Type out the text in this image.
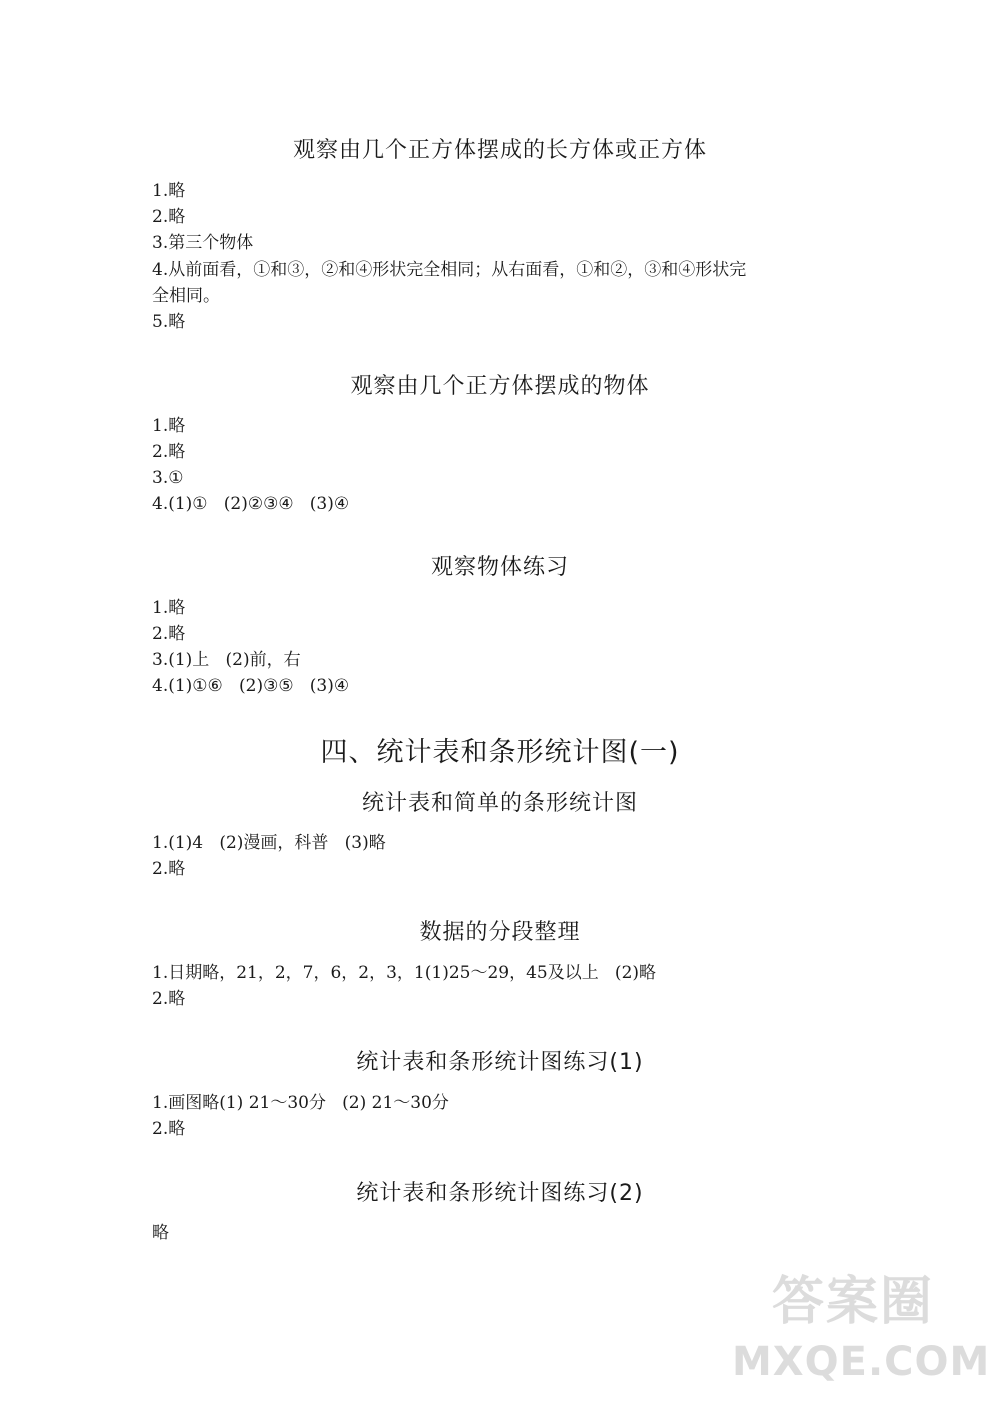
观察由几个正方体摆成的长方体或正方体
1.略
2.略
3.第三个物体
4.从前面看，①和③，②和④形状完全相同；从右面看，①和②，③和④形状完
全相同。
5.略
观察由几个正方体摆成的物体
1.略
2.略
3.①
4.(1)①   (2)②③④   (3)④
观察物体练习
1.略
2.略
3.(1)上   (2)前，右
4.(1)①⑥   (2)③⑤   (3)④
四、统计表和条形统计图(一)
统计表和简单的条形统计图
1.(1)4   (2)漫画，科普   (3)略
2.略
数据的分段整理
1.日期略，21，2，7，6，2，3，1(1)25～29，45及以上   (2)略
2.略
统计表和条形统计图练习(1)
1.画图略(1) 21～30分   (2) 21～30分
2.略
统计表和条形统计图练习(2)
略
答案圈
MXQE.COM
